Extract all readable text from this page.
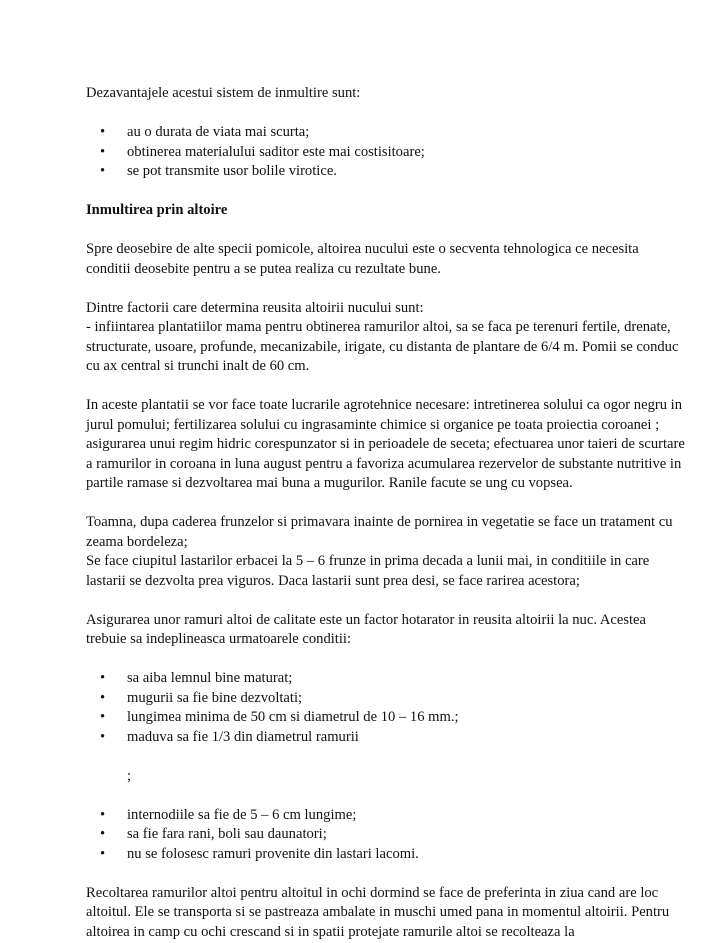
Dezavantajele acestui sistem de inmultire sunt:

• au o durata de viata mai scurta;
• obtinerea materialului saditor este mai costisitoare;
• se pot transmite usor bolile virotice.

Inmultirea prin altoire

Spre deosebire de alte specii pomicole, altoirea nucului este o secventa tehnologica ce necesita conditii deosebite pentru a se putea realiza cu rezultate bune.

Dintre factorii care determina reusita altoirii nucului sunt:

- infiintarea plantatiilor mama pentru obtinerea ramurilor altoi, sa se faca pe terenuri fertile, drenate, structurate, usoare, profunde, mecanizabile, irigate, cu distanta de plantare de 6/4 m. Pomii se conduc cu ax central si trunchi inalt de 60 cm.

In aceste plantatii se vor face toate lucrarile agrotehnice necesare: intretinerea solului ca ogor negru in jurul pomului; fertilizarea solului cu ingrasaminte chimice si organice pe toata proiectia coroanei ; asigurarea unui regim hidric corespunzator si in perioadele de seceta; efectuarea unor taieri de scurtare a ramurilor in coroana in luna august pentru a favoriza acumularea rezervelor de substante nutritive in partile ramase si dezvoltarea mai buna a mugurilor. Ranile facute se ung cu vopsea.

Toamna, dupa caderea frunzelor si primavara inainte de pornirea in vegetatie se face un tratament cu zeama bordeleza;

Se face ciupitul lastarilor erbacei la 5 – 6 frunze in prima decada a lunii mai, in conditiile in care lastarii se dezvolta prea viguros. Daca lastarii sunt prea desi, se face rarirea acestora;

Asigurarea unor ramuri altoi de calitate este un factor hotarator in reusita altoirii la nuc. Acestea trebuie sa indeplineasca urmatoarele conditii:

• sa aiba lemnul bine maturat;
• mugurii sa fie bine dezvoltati;
• lungimea minima de 50 cm si diametrul de 10 – 16 mm.;
• maduva sa fie 1/3 din diametrul ramurii

;

• internodiile sa fie de 5 – 6 cm lungime;
• sa fie fara rani, boli sau daunatori;
• nu se folosesc ramuri provenite din lastari lacomi.

Recoltarea ramurilor altoi pentru altoitul in ochi dormind se face de preferinta in ziua cand are loc altoitul. Ele se transporta si se pastreaza ambalate in muschi umed pana in momentul altoirii. Pentru altoirea in camp cu ochi crescand si in spatii protejate ramurile altoi se recolteaza la
